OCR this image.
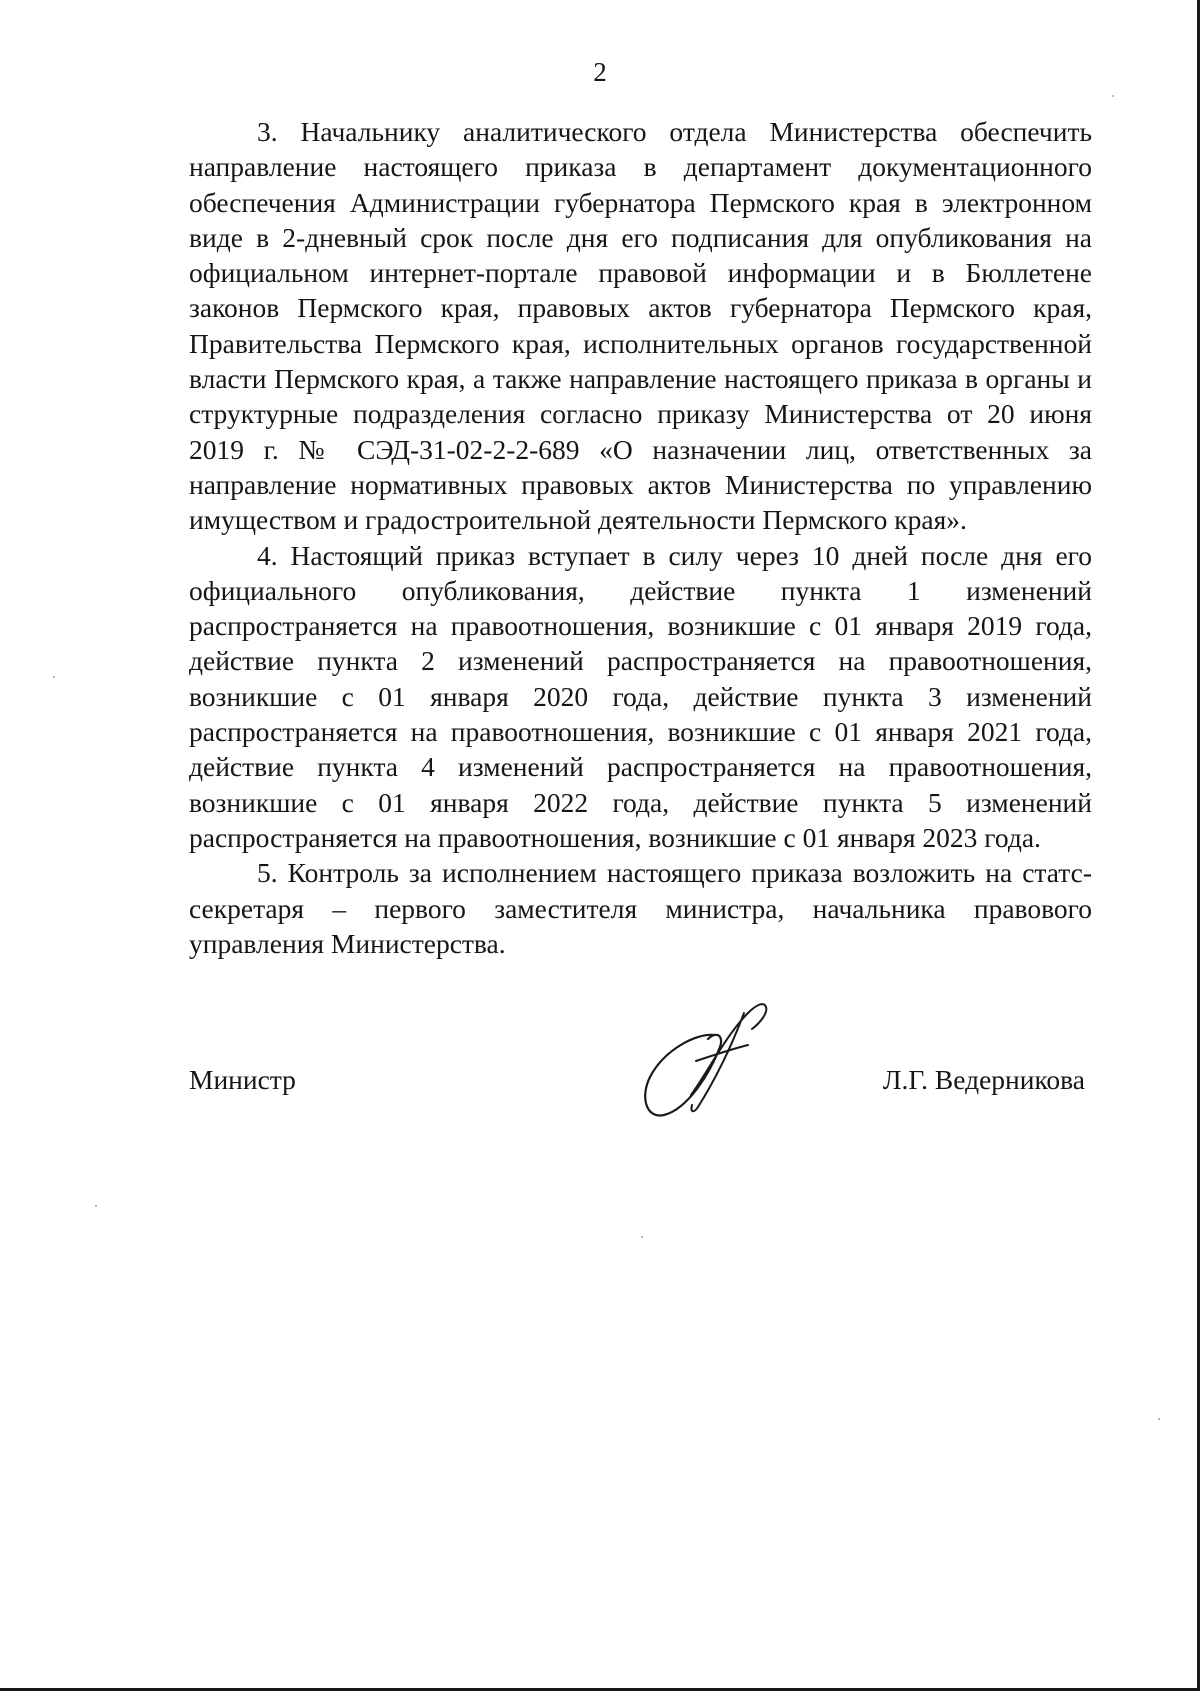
2

3. Начальнику аналитического отдела Министерства обеспечить направление настоящего приказа в департамент документационного обеспечения Администрации губернатора Пермского края в электронном виде в 2-дневный срок после дня его подписания для опубликования на официальном интернет-портале правовой информации и в Бюллетене законов Пермского края, правовых актов губернатора Пермского края, Правительства Пермского края, исполнительных органов государственной власти Пермского края, а также направление настоящего приказа в органы и структурные подразделения согласно приказу Министерства от 20 июня 2019 г. № СЭД-31-02-2-2-689 «О назначении лиц, ответственных за направление нормативных правовых актов Министерства по управлению имуществом и градостроительной деятельности Пермского края».

4. Настоящий приказ вступает в силу через 10 дней после дня его официального опубликования, действие пункта 1 изменений распространяется на правоотношения, возникшие с 01 января 2019 года, действие пункта 2 изменений распространяется на правоотношения, возникшие с 01 января 2020 года, действие пункта 3 изменений распространяется на правоотношения, возникшие с 01 января 2021 года, действие пункта 4 изменений распространяется на правоотношения, возникшие с 01 января 2022 года, действие пункта 5 изменений распространяется на правоотношения, возникшие с 01 января 2023 года.

5. Контроль за исполнением настоящего приказа возложить на статс-секретаря – первого заместителя министра, начальника правового управления Министерства.

Министр	Л.Г. Ведерникова
